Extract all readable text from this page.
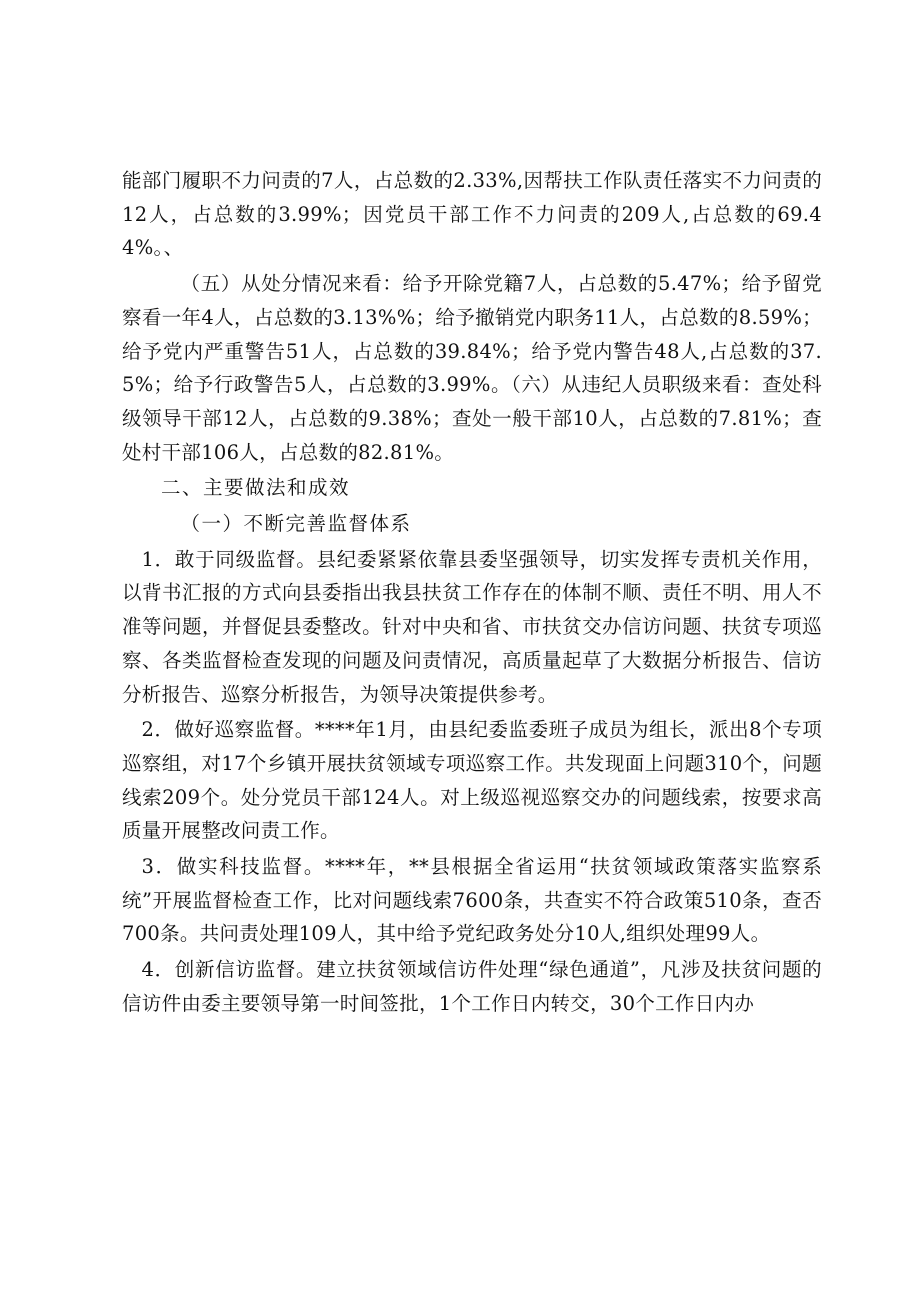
能部门履职不力问责的7人，占总数的2.33%,因帮扶工作队责任落实不力问责的12人，占总数的3.99%；因党员干部工作不力问责的209人,占总数的69.44%。、

（五）从处分情况来看：给予开除党籍7人，占总数的5.47%；给予留党察看一年4人，占总数的3.13%%；给予撤销党内职务11人，占总数的8.59%；给予党内严重警告51人，占总数的39.84%；给予党内警告48人,占总数的37.5%；给予行政警告5人，占总数的3.99%。（六）从违纪人员职级来看：查处科级领导干部12人，占总数的9.38%；查处一般干部10人，占总数的7.81%；查处村干部106人，占总数的82.81%。

二、主要做法和成效

（一）不断完善监督体系

1．敢于同级监督。县纪委紧紧依靠县委坚强领导，切实发挥专责机关作用，以背书汇报的方式向县委指出我县扶贫工作存在的体制不顺、责任不明、用人不准等问题，并督促县委整改。针对中央和省、市扶贫交办信访问题、扶贫专项巡察、各类监督检查发现的问题及问责情况，高质量起草了大数据分析报告、信访分析报告、巡察分析报告，为领导决策提供参考。

2．做好巡察监督。****年1月，由县纪委监委班子成员为组长，派出8个专项巡察组，对17个乡镇开展扶贫领域专项巡察工作。共发现面上问题310个，问题线索209个。处分党员干部124人。对上级巡视巡察交办的问题线索，按要求高质量开展整改问责工作。

3．做实科技监督。****年，**县根据全省运用“扶贫领域政策落实监察系统”开展监督检查工作，比对问题线索7600条，共查实不符合政策510条，查否700条。共问责处理109人，其中给予党纪政务处分10人,组织处理99人。

4．创新信访监督。建立扶贫领域信访件处理“绿色通道”，凡涉及扶贫问题的信访件由委主要领导第一时间签批，1个工作日内转交，30个工作日内办
